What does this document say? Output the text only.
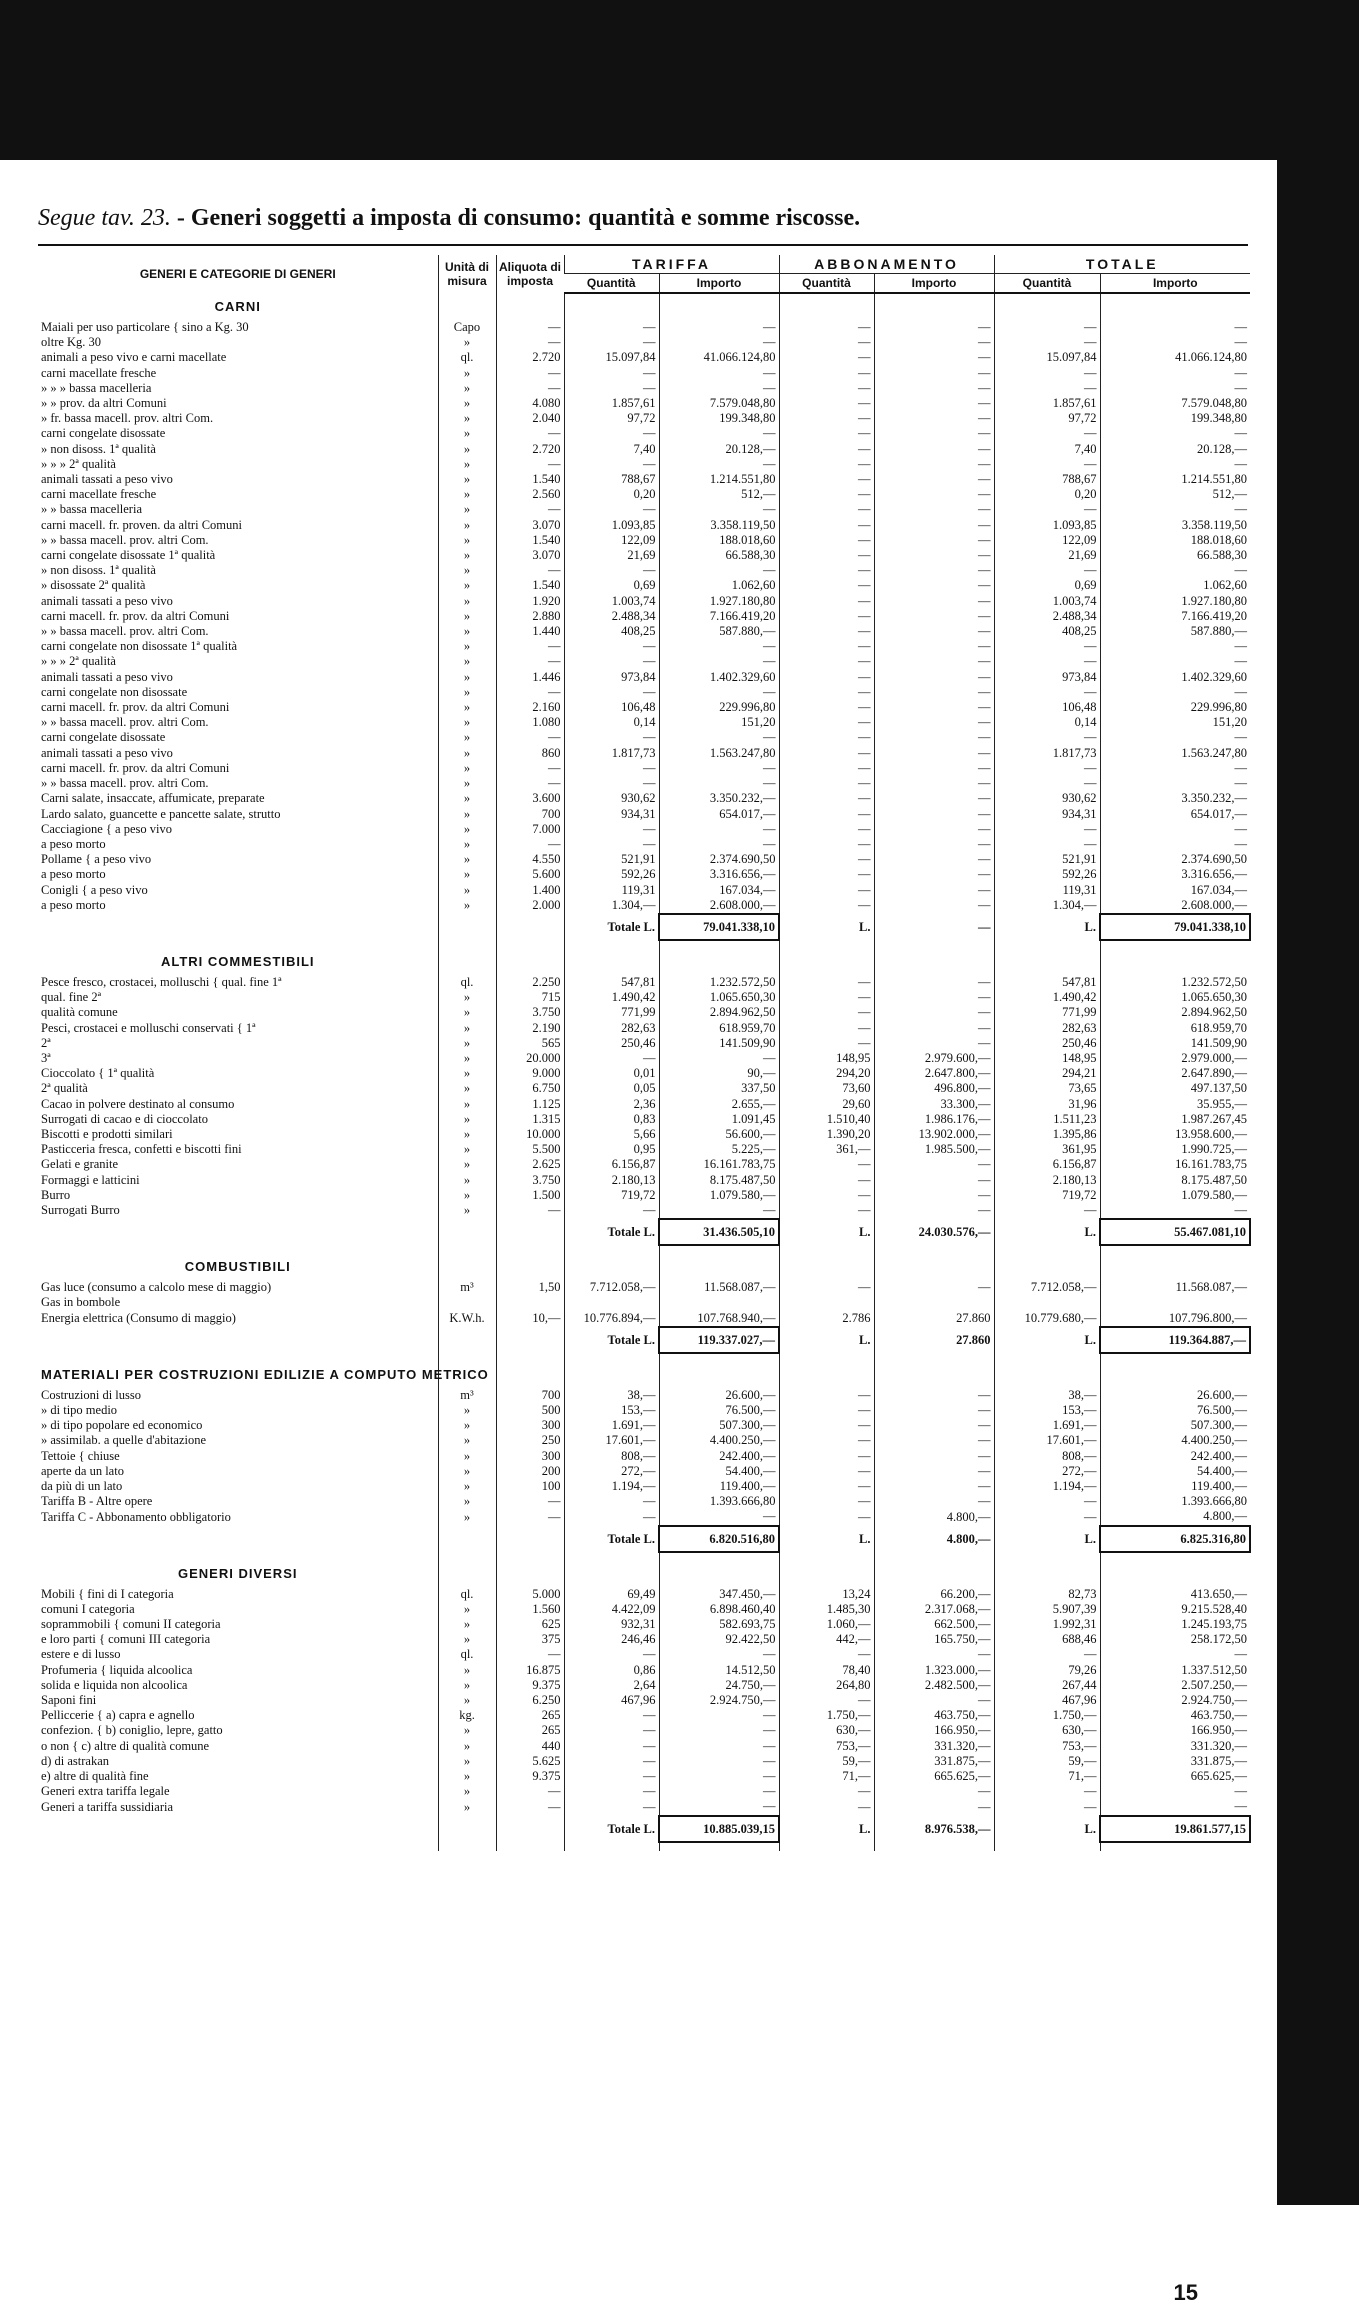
Segue tav. 23. - Generi soggetti a imposta di consumo: quantità e somme riscosse.
GENERI E CATEGORIE DI GENERI	Unità di misura	Aliquota di imposta	TARIFFA		ABBONAMENTO		TOTALE	
			Quantità	Importo	Quantità	Importo	Quantità	Importo
CARNI								
Maiali per uso particolare { sino a Kg. 30	Capo	—	—	—	—	—	—	—
oltre Kg. 30	»	—	—	—	—	—	—	—
animali a peso vivo e carni macellate	ql.	2.720	15.097,84	41.066.124,80	—	—	15.097,84	41.066.124,80
carni macellate fresche	»	—	—	—	—	—	—	—
» » » bassa macelleria	»	—	—	—	—	—	—	—
» » prov. da altri Comuni	»	4.080	1.857,61	7.579.048,80	—	—	1.857,61	7.579.048,80
» fr. bassa macell. prov. altri Com.	»	2.040	97,72	199.348,80	—	—	97,72	199.348,80
carni congelate disossate	»	—	—	—	—	—	—	—
» non disoss. 1ª qualità	»	2.720	7,40	20.128,—	—	—	7,40	20.128,—
» » » 2ª qualità	»	—	—	—	—	—	—	—
animali tassati a peso vivo	»	1.540	788,67	1.214.551,80	—	—	788,67	1.214.551,80
carni macellate fresche	»	2.560	0,20	512,—	—	—	0,20	512,—
» » bassa macelleria	»	—	—	—	—	—	—	—
carni macell. fr. proven. da altri Comuni	»	3.070	1.093,85	3.358.119,50	—	—	1.093,85	3.358.119,50
» » bassa macell. prov. altri Com.	»	1.540	122,09	188.018,60	—	—	122,09	188.018,60
carni congelate disossate 1ª qualità	»	3.070	21,69	66.588,30	—	—	21,69	66.588,30
» non disoss. 1ª qualità	»	—	—	—	—	—	—	—
» disossate 2ª qualità	»	1.540	0,69	1.062,60	—	—	0,69	1.062,60
animali tassati a peso vivo	»	1.920	1.003,74	1.927.180,80	—	—	1.003,74	1.927.180,80
carni macell. fr. prov. da altri Comuni	»	2.880	2.488,34	7.166.419,20	—	—	2.488,34	7.166.419,20
» » bassa macell. prov. altri Com.	»	1.440	408,25	587.880,—	—	—	408,25	587.880,—
carni congelate non disossate 1ª qualità	»	—	—	—	—	—	—	—
» » » 2ª qualità	»	—	—	—	—	—	—	—
animali tassati a peso vivo	»	1.446	973,84	1.402.329,60	—	—	973,84	1.402.329,60
carni congelate non disossate	»	—	—	—	—	—	—	—
carni macell. fr. prov. da altri Comuni	»	2.160	106,48	229.996,80	—	—	106,48	229.996,80
» » bassa macell. prov. altri Com.	»	1.080	0,14	151,20	—	—	0,14	151,20
carni congelate disossate	»	—	—	—	—	—	—	—
animali tassati a peso vivo	»	860	1.817,73	1.563.247,80	—	—	1.817,73	1.563.247,80
carni macell. fr. prov. da altri Comuni	»	—	—	—	—	—	—	—
» » bassa macell. prov. altri Com.	»	—	—	—	—	—	—	—
Carni salate, insaccate, affumicate, preparate	»	3.600	930,62	3.350.232,—	—	—	930,62	3.350.232,—
Lardo salato, guancette e pancette salate, strutto	»	700	934,31	654.017,—	—	—	934,31	654.017,—
Cacciagione { a peso vivo	»	7.000	—	—	—	—	—	—
a peso morto	»	—	—	—	—	—	—	—
Pollame { a peso vivo	»	4.550	521,91	2.374.690,50	—	—	521,91	2.374.690,50
a peso morto	»	5.600	592,26	3.316.656,—	—	—	592,26	3.316.656,—
Conigli { a peso vivo	»	1.400	119,31	167.034,—	—	—	119,31	167.034,—
a peso morto	»	2.000	1.304,—	2.608.000,—	—	—	1.304,—	2.608.000,—
			Totale L.	79.041.338,10	L.	—	L.	79.041.338,10

ALTRI COMMESTIBILI								
Pesce fresco, crostacei, molluschi { qual. fine 1ª	ql.	2.250	547,81	1.232.572,50	—	—	547,81	1.232.572,50
qual. fine 2ª	»	715	1.490,42	1.065.650,30	—	—	1.490,42	1.065.650,30
qualità comune	»	3.750	771,99	2.894.962,50	—	—	771,99	2.894.962,50
Pesci, crostacei e molluschi conservati { 1ª	»	2.190	282,63	618.959,70	—	—	282,63	618.959,70
2ª	»	565	250,46	141.509,90	—	—	250,46	141.509,90
3ª	»	20.000	—	—	148,95	2.979.600,—	148,95	2.979.000,—
Cioccolato { 1ª qualità	»	9.000	0,01	90,—	294,20	2.647.800,—	294,21	2.647.890,—
2ª qualità	»	6.750	0,05	337,50	73,60	496.800,—	73,65	497.137,50
Cacao in polvere destinato al consumo	»	1.125	2,36	2.655,—	29,60	33.300,—	31,96	35.955,—
Surrogati di cacao e di cioccolato	»	1.315	0,83	1.091,45	1.510,40	1.986.176,—	1.511,23	1.987.267,45
Biscotti e prodotti similari	»	10.000	5,66	56.600,—	1.390,20	13.902.000,—	1.395,86	13.958.600,—
Pasticceria fresca, confetti e biscotti fini	»	5.500	0,95	5.225,—	361,—	1.985.500,—	361,95	1.990.725,—
Gelati e granite	»	2.625	6.156,87	16.161.783,75	—	—	6.156,87	16.161.783,75
Formaggi e latticini	»	3.750	2.180,13	8.175.487,50	—	—	2.180,13	8.175.487,50
Burro	»	1.500	719,72	1.079.580,—	—	—	719,72	1.079.580,—
Surrogati Burro	»	—	—	—	—	—	—	—
			Totale L.	31.436.505,10	L.	24.030.576,—	L.	55.467.081,10

COMBUSTIBILI								
Gas luce (consumo a calcolo mese di maggio)	m³	1,50	7.712.058,—	11.568.087,—	—	—	7.712.058,—	11.568.087,—
Gas in bombole								
Energia elettrica (Consumo di maggio)	K.W.h.	10,—	10.776.894,—	107.768.940,—	2.786	27.860	10.779.680,—	107.796.800,—
			Totale L.	119.337.027,—	L.	27.860	L.	119.364.887,—

MATERIALI PER COSTRUZIONI EDILIZIE A COMPUTO METRICO								
Costruzioni di lusso	m³	700	38,—	26.600,—	—	—	38,—	26.600,—
» di tipo medio	»	500	153,—	76.500,—	—	—	153,—	76.500,—
» di tipo popolare ed economico	»	300	1.691,—	507.300,—	—	—	1.691,—	507.300,—
» assimilab. a quelle d'abitazione	»	250	17.601,—	4.400.250,—	—	—	17.601,—	4.400.250,—
Tettoie { chiuse	»	300	808,—	242.400,—	—	—	808,—	242.400,—
aperte da un lato	»	200	272,—	54.400,—	—	—	272,—	54.400,—
da più di un lato	»	100	1.194,—	119.400,—	—	—	1.194,—	119.400,—
Tariffa B - Altre opere	»	—	—	1.393.666,80	—	—	—	1.393.666,80
Tariffa C - Abbonamento obbligatorio	»	—	—	—	—	4.800,—	—	4.800,—
			Totale L.	6.820.516,80	L.	4.800,—	L.	6.825.316,80

GENERI DIVERSI								
Mobili { fini di I categoria	ql.	5.000	69,49	347.450,—	13,24	66.200,—	82,73	413.650,—
comuni I categoria	»	1.560	4.422,09	6.898.460,40	1.485,30	2.317.068,—	5.907,39	9.215.528,40
soprammobili { comuni II categoria	»	625	932,31	582.693,75	1.060,—	662.500,—	1.992,31	1.245.193,75
e loro parti { comuni III categoria	»	375	246,46	92.422,50	442,—	165.750,—	688,46	258.172,50
estere e di lusso	ql.	—	—	—	—	—	—	—
Profumeria { liquida alcoolica	»	16.875	0,86	14.512,50	78,40	1.323.000,—	79,26	1.337.512,50
solida e liquida non alcoolica	»	9.375	2,64	24.750,—	264,80	2.482.500,—	267,44	2.507.250,—
Saponi fini	»	6.250	467,96	2.924.750,—	—	—	467,96	2.924.750,—
Pelliccerie { a) capra e agnello	kg.	265	—	—	1.750,—	463.750,—	1.750,—	463.750,—
confezion. { b) coniglio, lepre, gatto	»	265	—	—	630,—	166.950,—	630,—	166.950,—
o non { c) altre di qualità comune	»	440	—	—	753,—	331.320,—	753,—	331.320,—
d) di astrakan	»	5.625	—	—	59,—	331.875,—	59,—	331.875,—
e) altre di qualità fine	»	9.375	—	—	71,—	665.625,—	71,—	665.625,—
Generi extra tariffa legale	»	—	—	—	—	—	—	—
Generi a tariffa sussidiaria	»	—	—	—	—	—	—	—
			Totale L.	10.885.039,15	L.	8.976.538,—	L.	19.861.577,15

15
